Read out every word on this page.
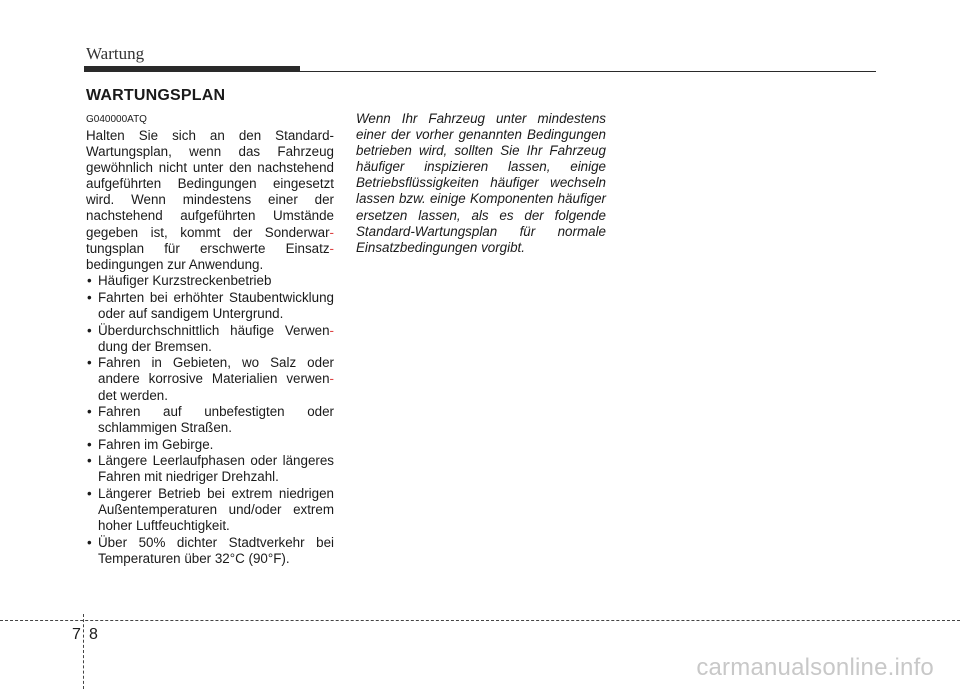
Wartung
WARTUNGSPLAN
G040000ATQ

Halten Sie sich an den Standard-Wartungsplan, wenn das Fahrzeug gewöhnlich nicht unter den nachstehend aufgeführten Bedingungen eingesetzt wird. Wenn mindestens einer der nachstehend aufgeführten Umstände gegeben ist, kommt der Sonderwar- tungsplan für erschwerte Einsatz- bedingungen zur Anwendung.

• Häufiger Kurzstreckenbetrieb
• Fahrten bei erhöhter Staubentwicklung oder auf sandigem Untergrund.
• Überdurchschnittlich häufige Verwen- dung der Bremsen.
• Fahren in Gebieten, wo Salz oder andere korrosive Materialien verwen- det werden.
• Fahren auf unbefestigten oder schlammigen Straßen.
• Fahren im Gebirge.
• Längere Leerlaufphasen oder längeres Fahren mit niedriger Drehzahl.
• Längerer Betrieb bei extrem niedrigen Außentemperaturen und/oder extrem hoher Luftfeuchtigkeit.
• Über 50% dichter Stadtverkehr bei Temperaturen über 32°C (90°F).
Wenn Ihr Fahrzeug unter mindestens einer der vorher genannten Bedingungen betrieben wird, sollten Sie Ihr Fahrzeug häufiger inspizieren lassen, einige Betriebsflüssigkeiten häufiger wechseln lassen bzw. einige Komponenten häufiger ersetzen lassen, als es der folgende Standard-Wartungsplan für normale Einsatzbedingungen vorgibt.
7 8
carmanualsonline.info
